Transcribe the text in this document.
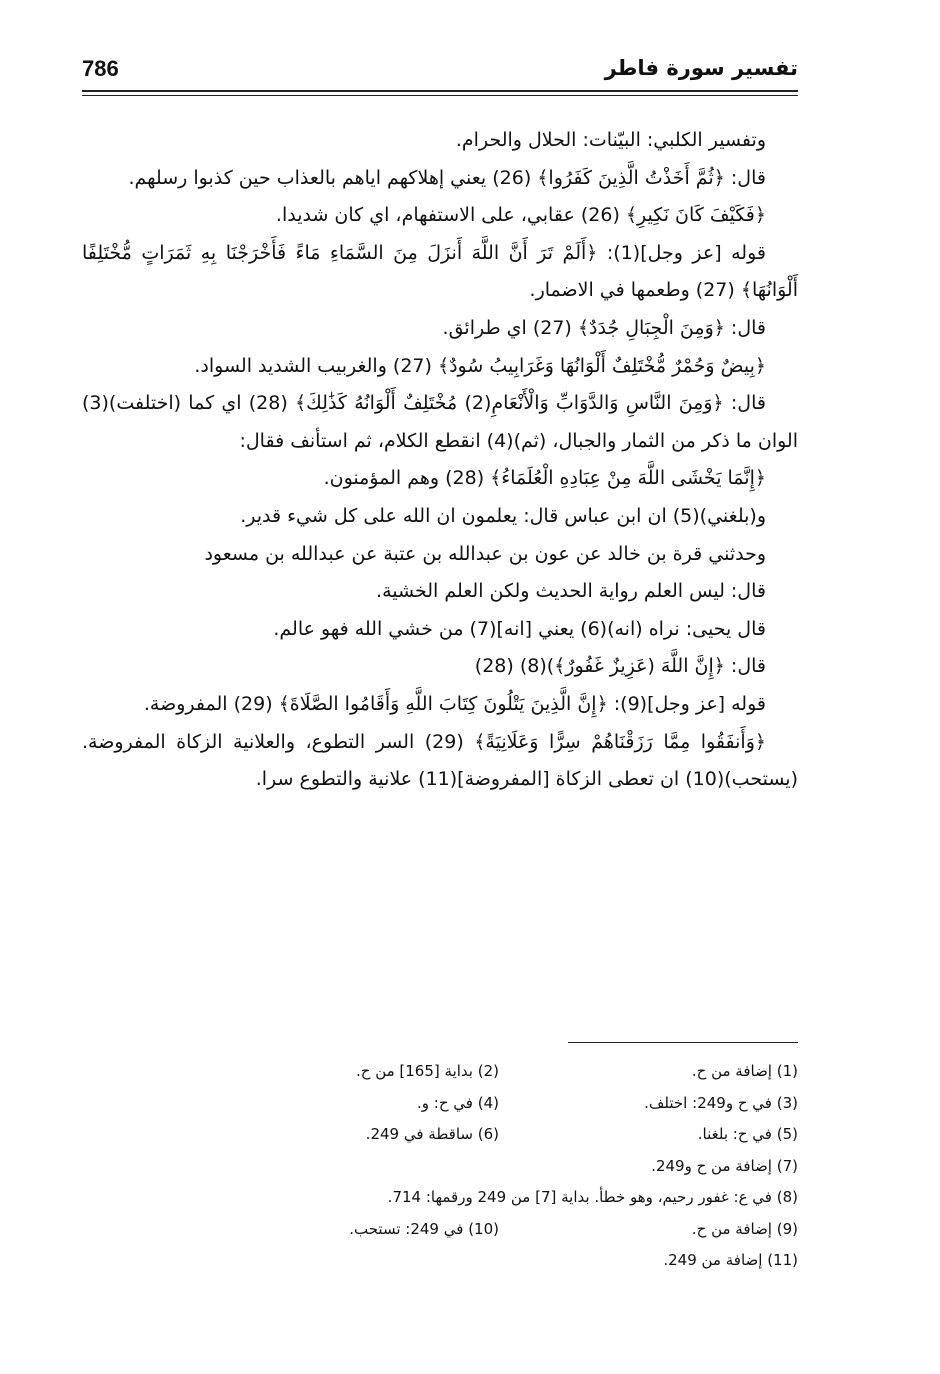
786	تفسير سورة فاطر

وتفسير الكلبي: البيّنات: الحلال والحرام.

قال: ﴿ثُمَّ أَخَذْتُ الَّذِينَ كَفَرُوا﴾ (26) يعني إهلاكهم اياهم بالعذاب حين كذبوا رسلهم.

﴿فَكَيْفَ كَانَ نَكِيرِ﴾ (26) عقابي، على الاستفهام، اي كان شديدا.

قوله [عز وجل](1): ﴿أَلَمْ تَرَ أَنَّ اللَّهَ أَنزَلَ مِنَ السَّمَاءِ مَاءً فَأَخْرَجْنَا بِهِ ثَمَرَاتٍ مُّخْتَلِفًا أَلْوَانُهَا﴾ (27) وطعمها في الاضمار.

قال: ﴿وَمِنَ الْجِبَالِ جُدَدٌ﴾ (27) اي طرائق.

﴿بِيضٌ وَحُمْرٌ مُّخْتَلِفٌ أَلْوَانُهَا وَغَرَابِيبُ سُودٌ﴾ (27) والغربيب الشديد السواد.

قال: ﴿وَمِنَ النَّاسِ وَالدَّوَابِّ وَالْأَنْعَامِ(2) مُخْتَلِفٌ أَلْوَانُهُ كَذَٰلِكَ﴾ (28) اي كما (اختلفت)(3) الوان ما ذكر من الثمار والجبال، (ثم)(4) انقطع الكلام، ثم استأنف فقال:

﴿إِنَّمَا يَخْشَى اللَّهَ مِنْ عِبَادِهِ الْعُلَمَاءُ﴾ (28) وهم المؤمنون.

و(بلغني)(5) ان ابن عباس قال: يعلمون ان الله على كل شيء قدير.

وحدثني قرة بن خالد عن عون بن عبدالله بن عتبة عن عبدالله بن مسعود

قال: ليس العلم رواية الحديث ولكن العلم الخشية.

قال يحيى: نراه (انه)(6) يعني [انه](7) من خشي الله فهو عالم.

قال: ﴿إِنَّ اللَّهَ (عَزِيزٌ غَفُورٌ﴾)(8) (28)

قوله [عز وجل](9): ﴿إِنَّ الَّذِينَ يَتْلُونَ كِتَابَ اللَّهِ وَأَقَامُوا الصَّلَاةَ﴾ (29) المفروضة.

﴿وَأَنفَقُوا مِمَّا رَزَقْنَاهُمْ سِرًّا وَعَلَانِيَةً﴾ (29) السر التطوع، والعلانية الزكاة المفروضة. (يستحب)(10) ان تعطى الزكاة [المفروضة](11) علانية والتطوع سرا.

(1) إضافة من ح.
(2) بداية [165] من ح.
(3) في ح و249: اختلف.
(4) في ح: و.
(5) في ح: بلغنا.
(6) ساقطة في 249.
(7) إضافة من ح و249.
(8) في ع: غفور رحيم، وهو خطأ. بداية [7] من 249 ورقمها: 714.
(9) إضافة من ح.
(10) في 249: تستحب.
(11) إضافة من 249.
